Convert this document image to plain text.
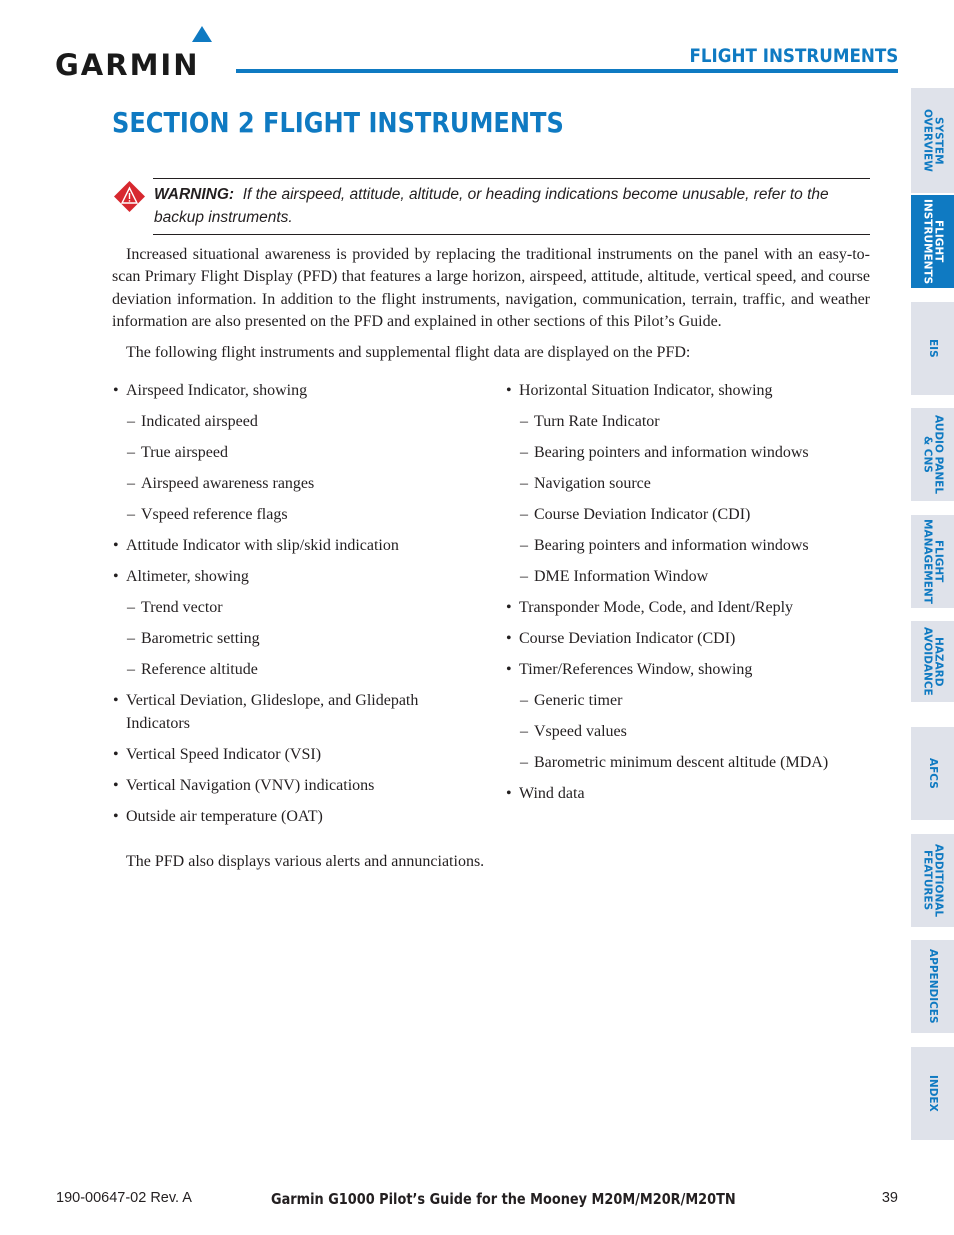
GARMIN	FLIGHT INSTRUMENTS
SECTION 2 FLIGHT INSTRUMENTS
WARNING: If the airspeed, attitude, altitude, or heading indications become unusable, refer to the backup instruments.
Increased situational awareness is provided by replacing the traditional instruments on the panel with an easy-to-scan Primary Flight Display (PFD) that features a large horizon, airspeed, attitude, altitude, vertical speed, and course deviation information. In addition to the flight instruments, navigation, communication, terrain, traffic, and weather information are also presented on the PFD and explained in other sections of this Pilot’s Guide.
The following flight instruments and supplemental flight data are displayed on the PFD:
• Airspeed Indicator, showing
– Indicated airspeed
– True airspeed
– Airspeed awareness ranges
– Vspeed reference flags
• Attitude Indicator with slip/skid indication
• Altimeter, showing
– Trend vector
– Barometric setting
– Reference altitude
• Vertical Deviation, Glideslope, and Glidepath Indicators
• Vertical Speed Indicator (VSI)
• Vertical Navigation (VNV) indications
• Outside air temperature (OAT)
• Horizontal Situation Indicator, showing
– Turn Rate Indicator
– Bearing pointers and information windows
– Navigation source
– Course Deviation Indicator (CDI)
– Bearing pointers and information windows
– DME Information Window
• Transponder Mode, Code, and Ident/Reply
• Course Deviation Indicator (CDI)
• Timer/References Window, showing
– Generic timer
– Vspeed values
– Barometric minimum descent altitude (MDA)
• Wind data
The PFD also displays various alerts and annunciations.
SYSTEM
OVERVIEW
FLIGHT
INSTRUMENTS
EIS
AUDIO PANEL
& CNS
FLIGHT
MANAGEMENT
HAZARD
AVOIDANCE
AFCS
ADDITIONAL
FEATURES
APPENDICES
INDEX
190-00647-02 Rev. A	Garmin G1000 Pilot’s Guide for the Mooney M20M/M20R/M20TN	39
